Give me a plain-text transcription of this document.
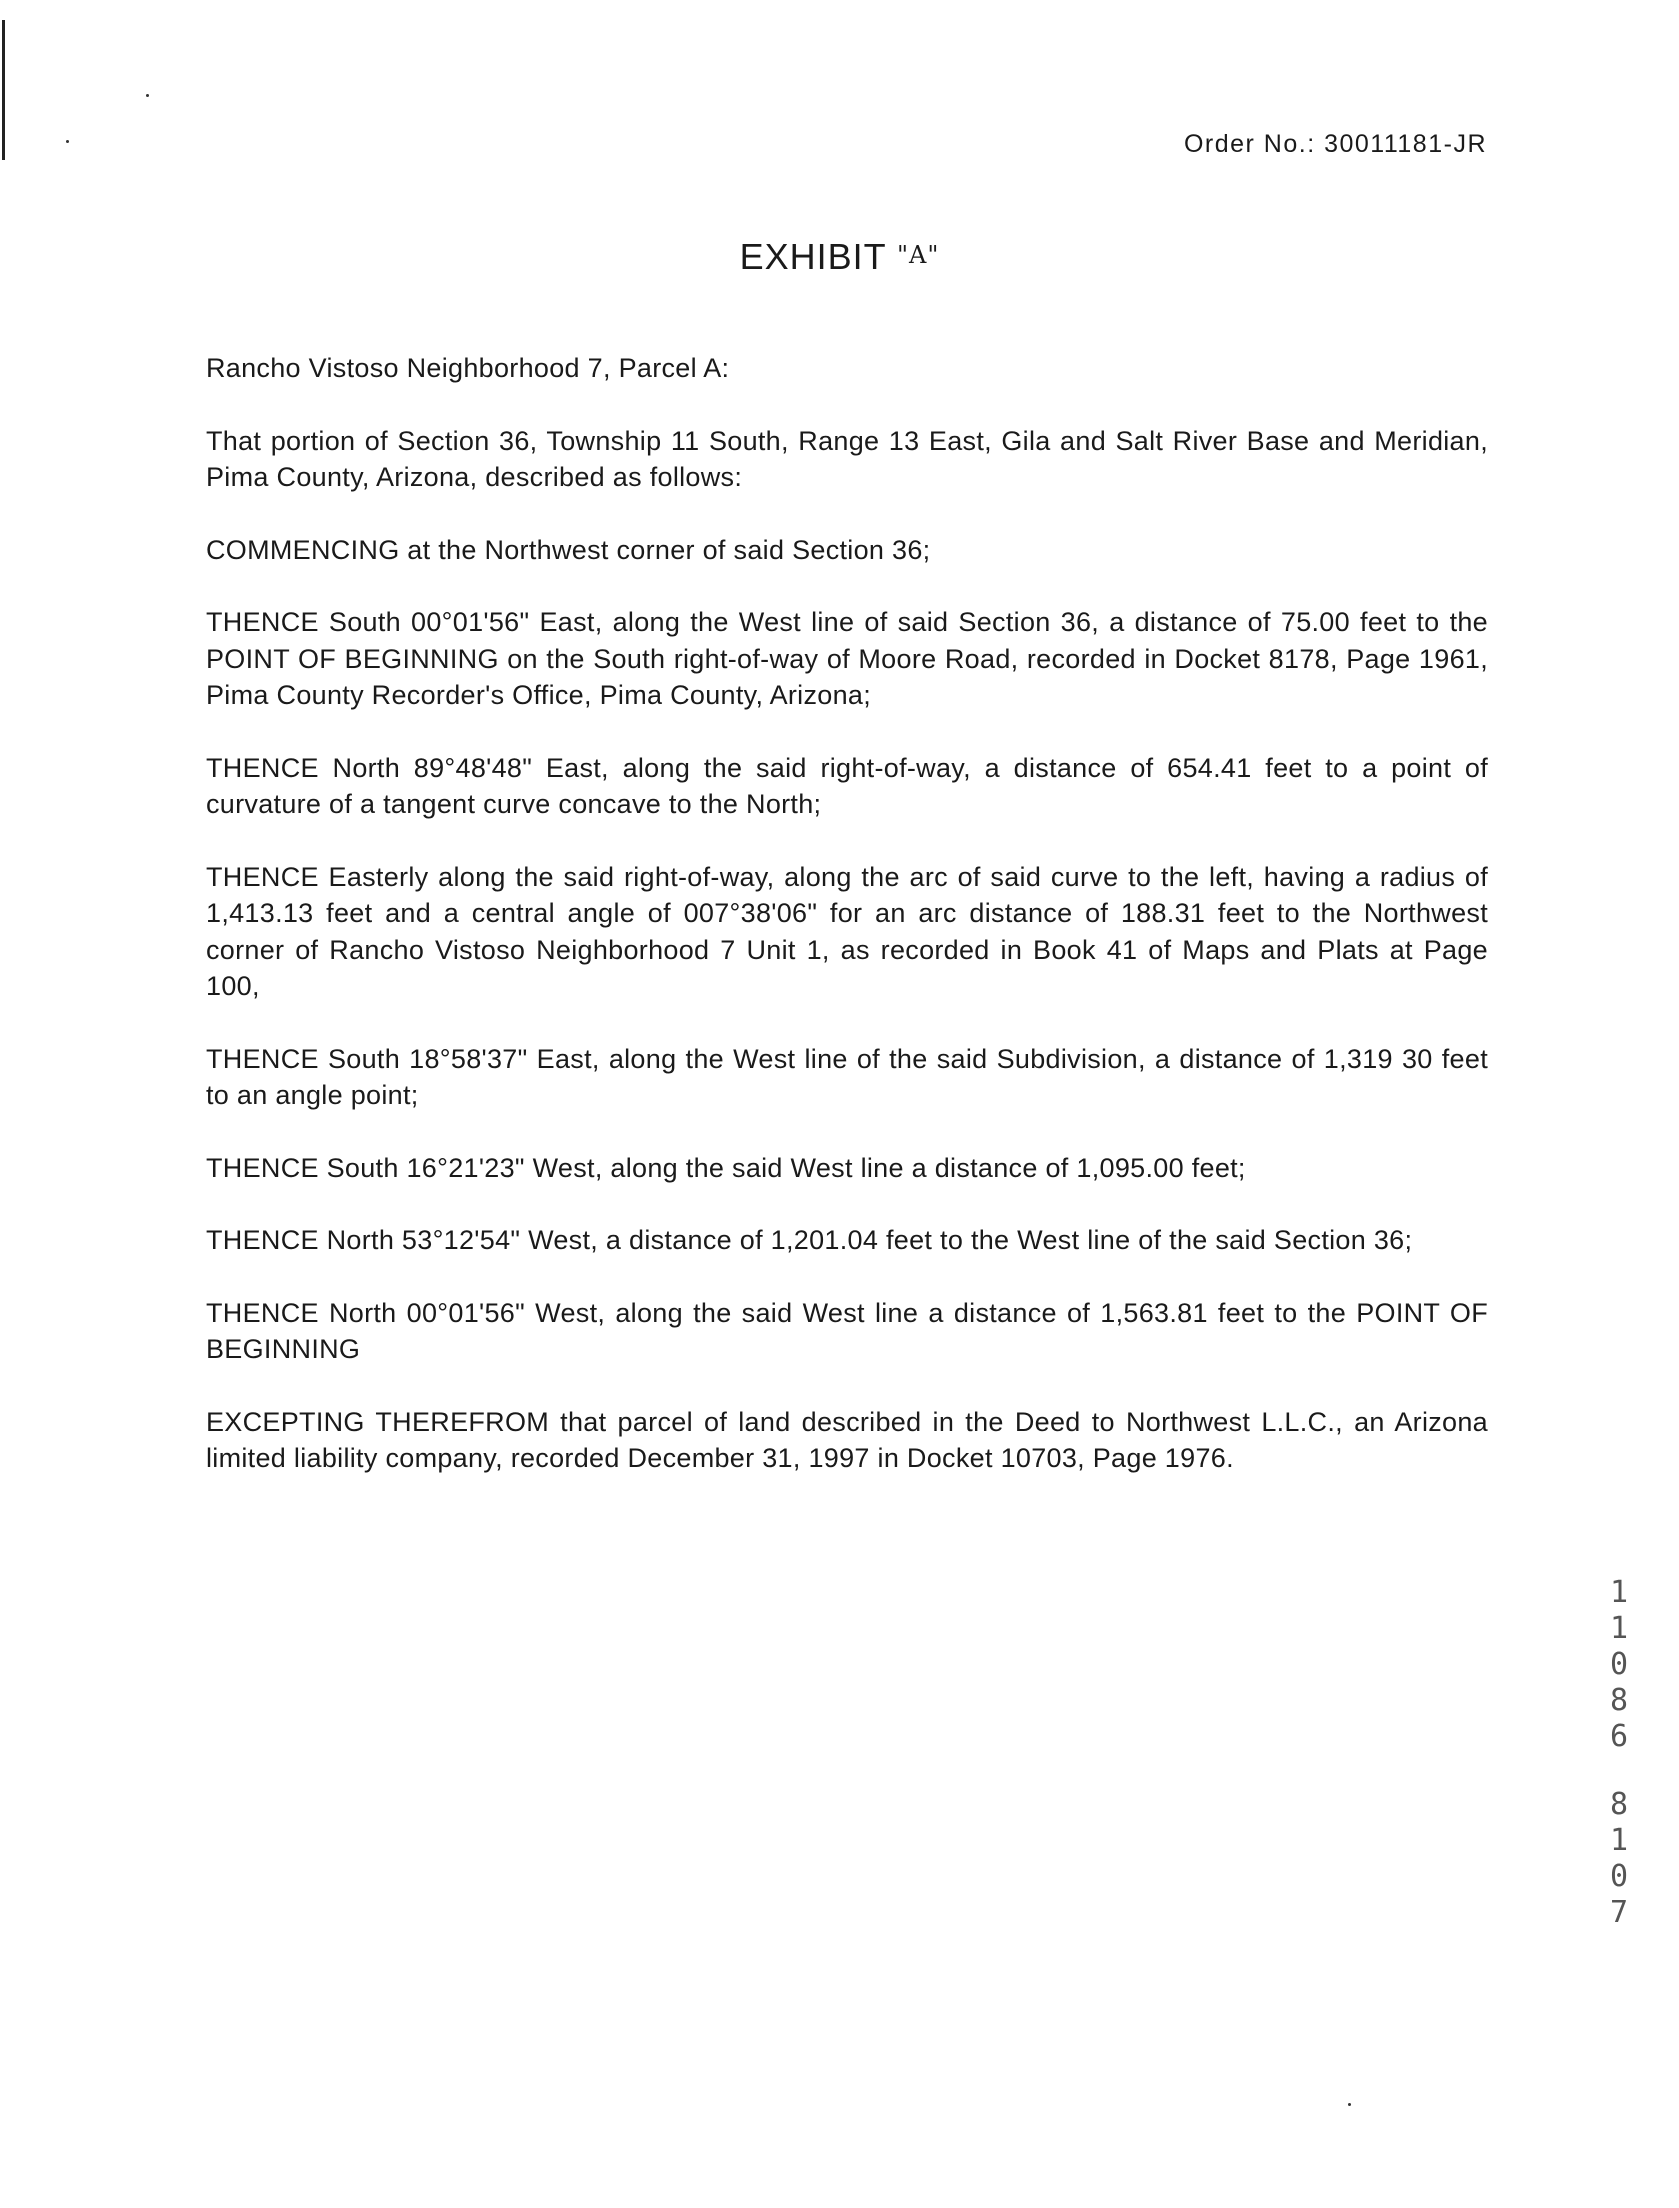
Order No.: 30011181-JR
EXHIBIT "A"

Rancho Vistoso Neighborhood 7, Parcel A:

That portion of Section 36, Township 11 South, Range 13 East, Gila and Salt River Base and Meridian, Pima County, Arizona, described as follows:

COMMENCING at the Northwest corner of said Section 36;

THENCE South 00°01'56" East, along the West line of said Section 36, a distance of 75.00 feet to the POINT OF BEGINNING on the South right-of-way of Moore Road, recorded in Docket 8178, Page 1961, Pima County Recorder's Office, Pima County, Arizona;

THENCE North 89°48'48" East, along the said right-of-way, a distance of 654.41 feet to a point of curvature of a tangent curve concave to the North;

THENCE Easterly along the said right-of-way, along the arc of said curve to the left, having a radius of 1,413.13 feet and a central angle of 007°38'06" for an arc distance of 188.31 feet to the Northwest corner of Rancho Vistoso Neighborhood 7 Unit 1, as recorded in Book 41 of Maps and Plats at Page 100,

THENCE South 18°58'37" East, along the West line of the said Subdivision, a distance of 1,319 30 feet to an angle point;

THENCE South 16°21'23" West, along the said West line a distance of 1,095.00 feet;

THENCE North 53°12'54" West, a distance of 1,201.04 feet to the West line of the said Section 36;

THENCE North 00°01'56" West, along the said West line a distance of 1,563.81 feet to the POINT OF BEGINNING

EXCEPTING THEREFROM that parcel of land described in the Deed to Northwest L.L.C., an Arizona limited liability company, recorded December 31, 1997 in Docket 10703, Page 1976.

1
1
0
8
6
8
1
0
7
